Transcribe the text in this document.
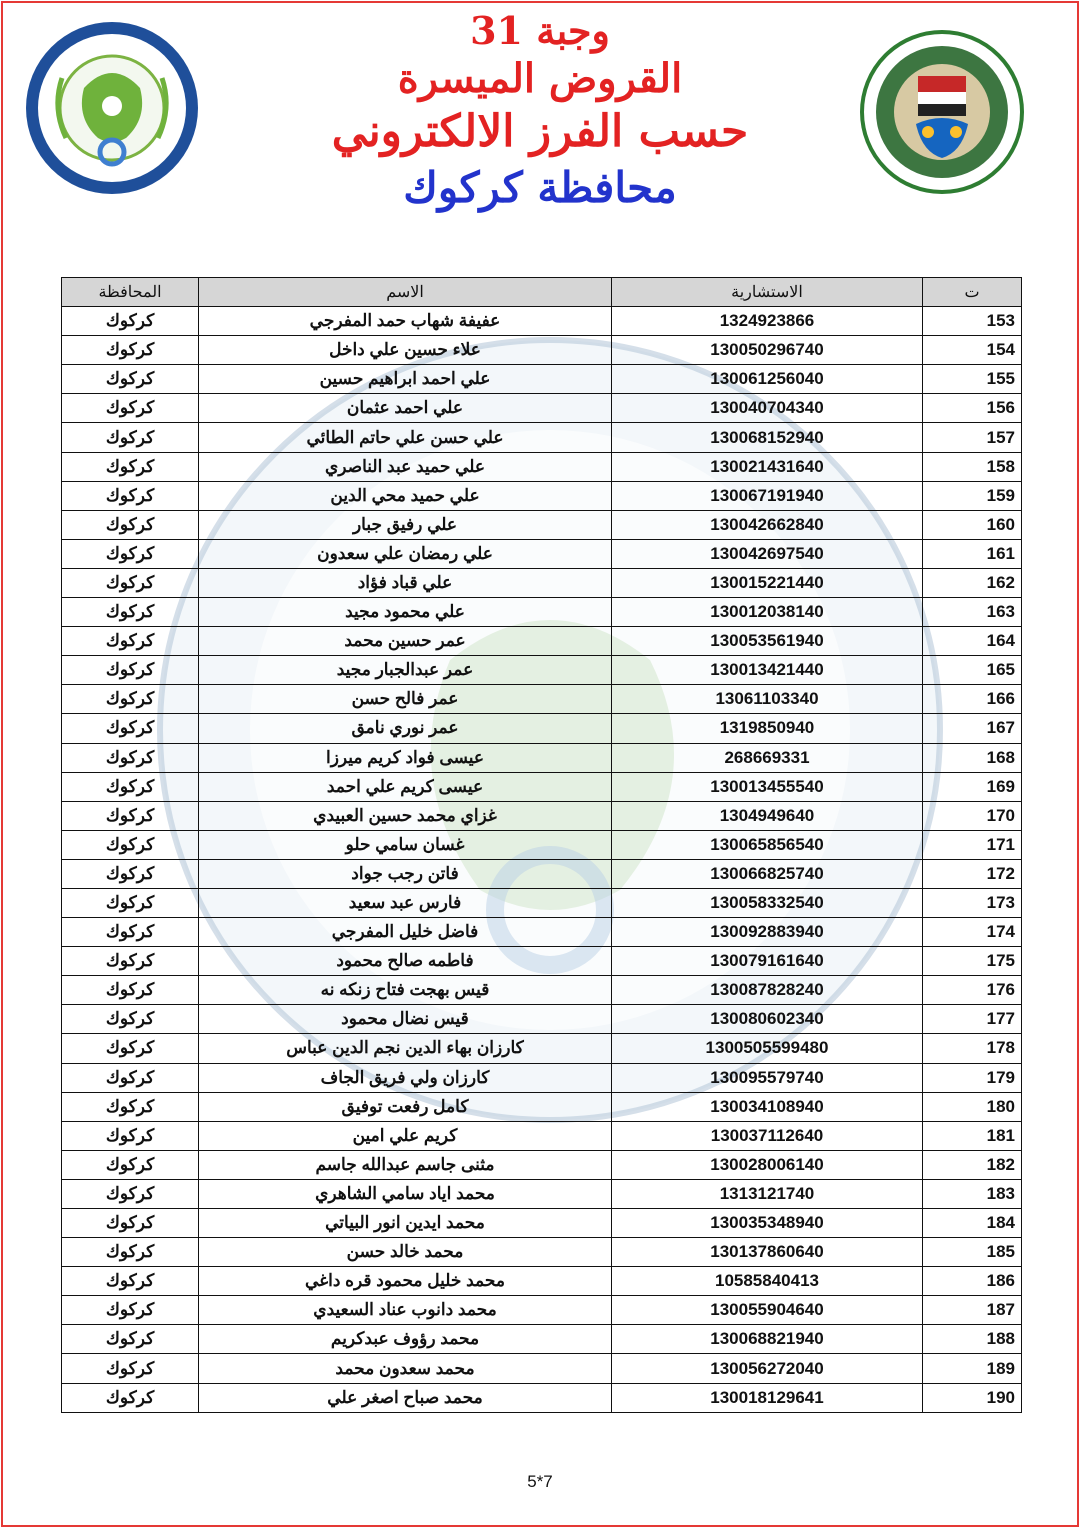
وجبة 31
القروض الميسرة
حسب الفرز الالكتروني
محافظة كركوك
المحافظة	الاسم	الاستشارية	ت
كركوك	عفيفة شهاب حمد المفرجي	1324923866	153
كركوك	علاء حسين علي داخل	130050296740	154
كركوك	علي احمد ابراهيم حسين	130061256040	155
كركوك	علي احمد عثمان	130040704340	156
كركوك	علي حسن علي حاتم الطائي	130068152940	157
كركوك	علي حميد عبد الناصري	130021431640	158
كركوك	علي حميد محي الدين	130067191940	159
كركوك	علي رفيق جبار	130042662840	160
كركوك	علي رمضان علي سعدون	130042697540	161
كركوك	علي قباد فؤاد	130015221440	162
كركوك	علي محمود مجيد	130012038140	163
كركوك	عمر حسين محمد	130053561940	164
كركوك	عمر عبدالجبار مجيد	130013421440	165
كركوك	عمر فالح حسن	13061103340	166
كركوك	عمر نوري نامق	1319850940	167
كركوك	عيسى فواد كريم ميرزا	268669331	168
كركوك	عيسى كريم علي احمد	130013455540	169
كركوك	غزاي محمد حسين العبيدي	1304949640	170
كركوك	غسان سامي حلو	130065856540	171
كركوك	فاتن رجب جواد	130066825740	172
كركوك	فارس عبد سعيد	130058332540	173
كركوك	فاضل خليل المفرجي	130092883940	174
كركوك	فاطمه صالح محمود	130079161640	175
كركوك	قيس بهجت فتاح زنكه نه	130087828240	176
كركوك	قيس نضال محمود	130080602340	177
كركوك	كارزان بهاء الدين نجم الدين عباس	1300505599480	178
كركوك	كارزان ولي فريق الجاف	130095579740	179
كركوك	كامل رفعت توفيق	130034108940	180
كركوك	كريم علي امين	130037112640	181
كركوك	مثنى جاسم عبدالله جاسم	130028006140	182
كركوك	محمد اياد سامي الشاهري	1313121740	183
كركوك	محمد ايدين انور البياتي	130035348940	184
كركوك	محمد خالد حسن	130137860640	185
كركوك	محمد خليل محمود قره داغي	10585840413	186
كركوك	محمد دانوب عناد السعيدي	130055904640	187
كركوك	محمد رؤوف عبدكريم	130068821940	188
كركوك	محمد سعدون محمد	130056272040	189
كركوك	محمد صباح اصغر علي	130018129641	190
5*7
